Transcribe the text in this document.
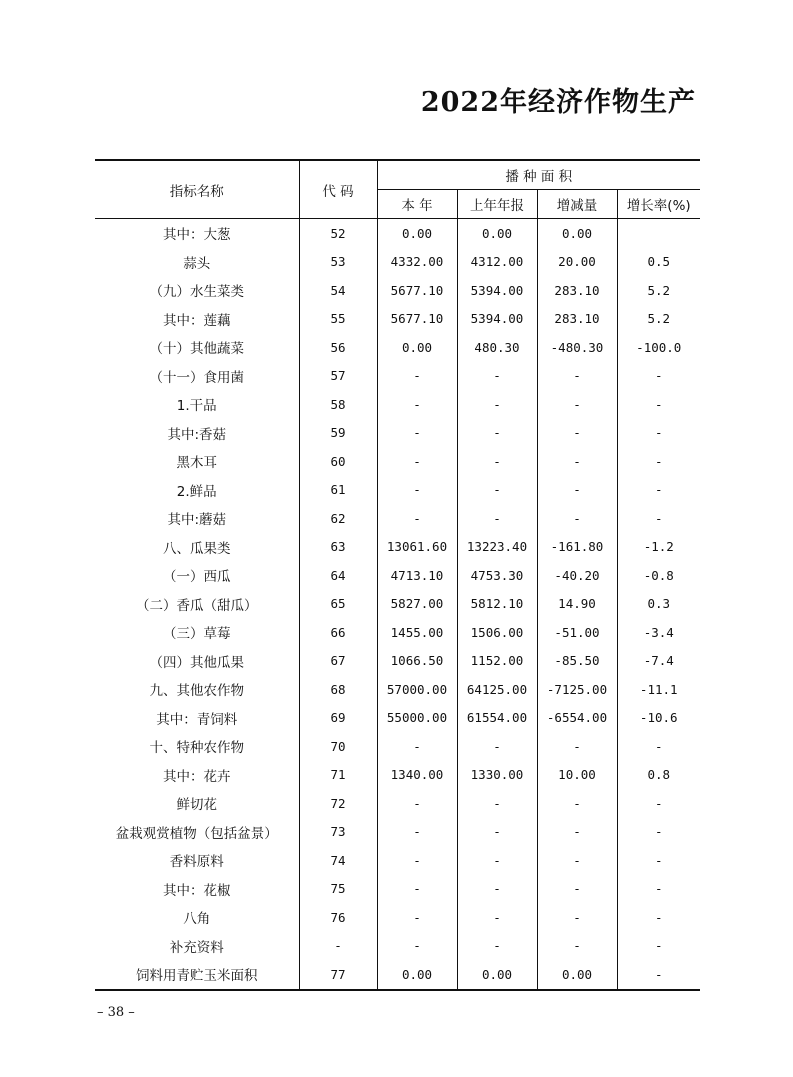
2022年经济作物生产
指标名称	代 码	播 种 面 积			
		本 年	上年年报	增减量	增长率(%)
其中：大葱	52	0.00	0.00	0.00	
蒜头	53	4332.00	4312.00	20.00	0.5
（九）水生菜类	54	5677.10	5394.00	283.10	5.2
其中：莲藕	55	5677.10	5394.00	283.10	5.2
（十）其他蔬菜	56	0.00	480.30	-480.30	-100.0
（十一）食用菌	57	-	-	-	-
1.干品	58	-	-	-	-
其中:香菇	59	-	-	-	-
黑木耳	60	-	-	-	-
2.鲜品	61	-	-	-	-
其中:蘑菇	62	-	-	-	-
八、瓜果类	63	13061.60	13223.40	-161.80	-1.2
（一）西瓜	64	4713.10	4753.30	-40.20	-0.8
（二）香瓜（甜瓜）	65	5827.00	5812.10	14.90	0.3
（三）草莓	66	1455.00	1506.00	-51.00	-3.4
（四）其他瓜果	67	1066.50	1152.00	-85.50	-7.4
九、其他农作物	68	57000.00	64125.00	-7125.00	-11.1
其中：青饲料	69	55000.00	61554.00	-6554.00	-10.6
十、特种农作物	70	-	-	-	-
其中：花卉	71	1340.00	1330.00	10.00	0.8
鲜切花	72	-	-	-	-
盆栽观赏植物（包括盆景）	73	-	-	-	-
香料原料	74	-	-	-	-
其中：花椒	75	-	-	-	-
八角	76	-	-	-	-
补充资料	-	-	-	-	-
饲料用青贮玉米面积	77	0.00	0.00	0.00	-
– 38 –
